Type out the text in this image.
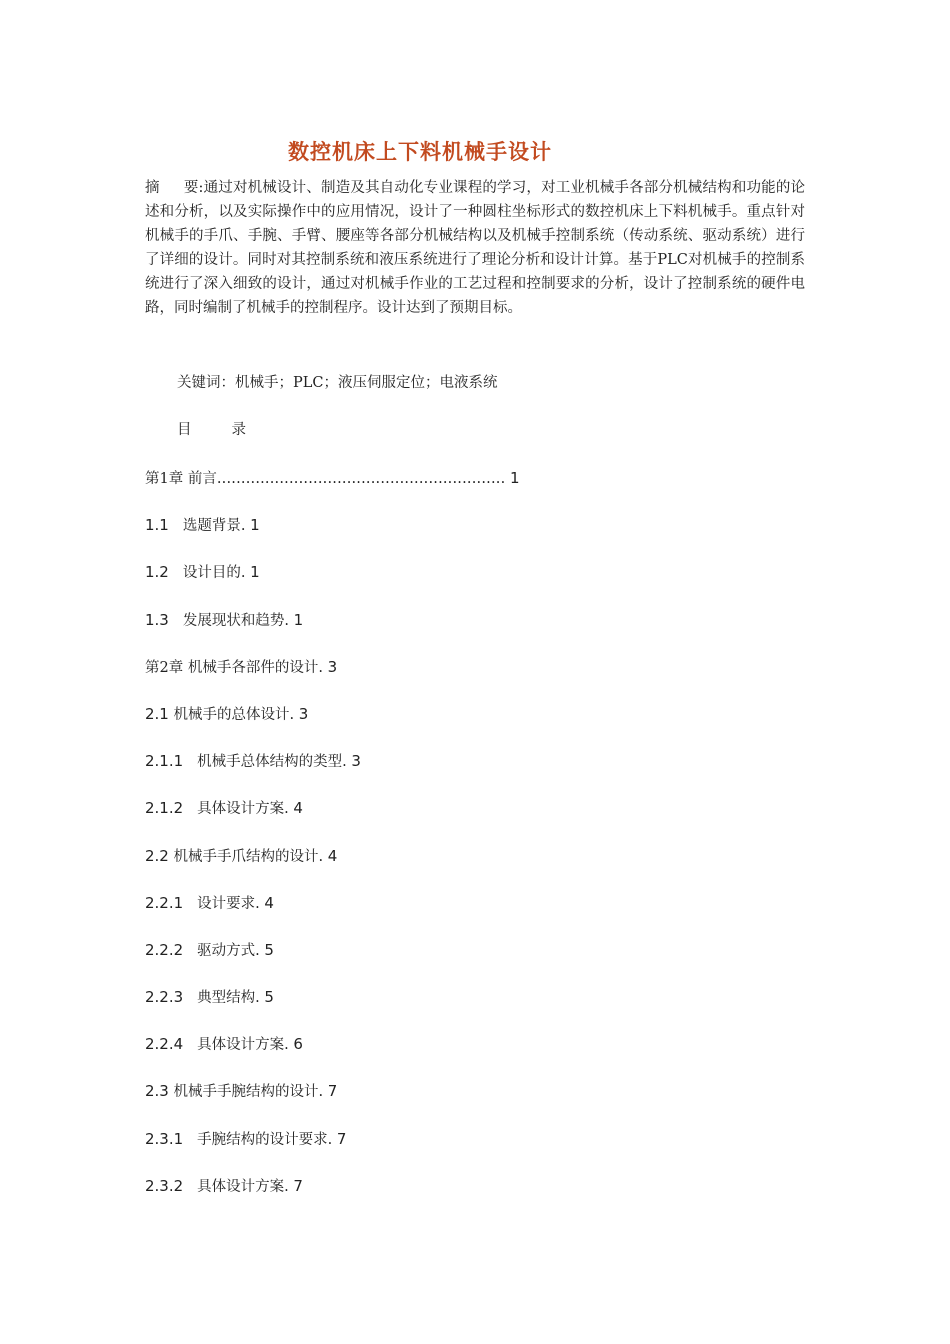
数控机床上下料机械手设计
摘 要:通过对机械设计、制造及其自动化专业课程的学习，对工业机械手各部分机械结构和功能的论述和分析，以及实际操作中的应用情况，设计了一种圆柱坐标形式的数控机床上下料机械手。重点针对机械手的手爪、手腕、手臂、腰座等各部分机械结构以及机械手控制系统（传动系统、驱动系统）进行了详细的设计。同时对其控制系统和液压系统进行了理论分析和设计计算。基于PLC对机械手的控制系统进行了深入细致的设计，通过对机械手作业的工艺过程和控制要求的分析，设计了控制系统的硬件电路，同时编制了机械手的控制程序。设计达到了预期目标。
关键词：机械手；PLC；液压伺服定位；电液系统
目	录
第1章 前言............................................................ 1
1.1 选题背景. 1
1.2 设计目的. 1
1.3 发展现状和趋势. 1
第2章 机械手各部件的设计. 3
2.1 机械手的总体设计. 3
2.1.1 机械手总体结构的类型. 3
2.1.2 具体设计方案. 4
2.2 机械手手爪结构的设计. 4
2.2.1 设计要求. 4
2.2.2 驱动方式. 5
2.2.3 典型结构. 5
2.2.4 具体设计方案. 6
2.3 机械手手腕结构的设计. 7
2.3.1 手腕结构的设计要求. 7
2.3.2 具体设计方案. 7
